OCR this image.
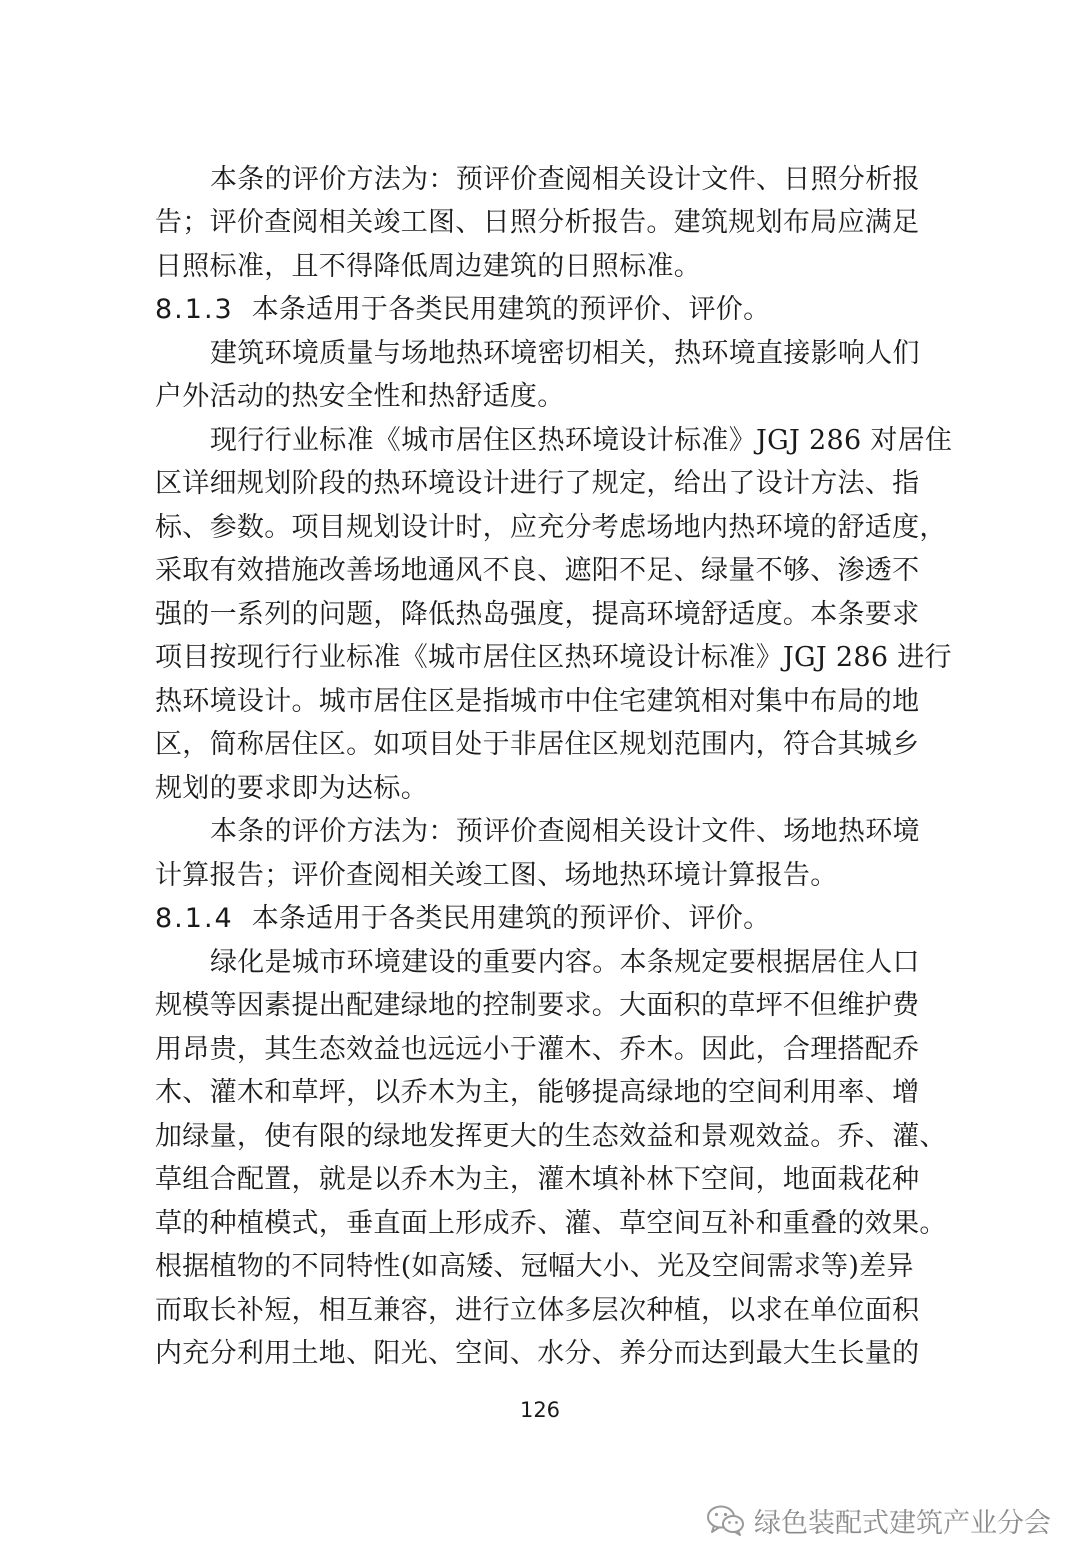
本条的评价方法为：预评价查阅相关设计文件、日照分析报
告；评价查阅相关竣工图、日照分析报告。建筑规划布局应满足
日照标准，且不得降低周边建筑的日照标准。
8.1.3 本条适用于各类民用建筑的预评价、评价。
建筑环境质量与场地热环境密切相关，热环境直接影响人们
户外活动的热安全性和热舒适度。
现行行业标准《城市居住区热环境设计标准》JGJ 286 对居住
区详细规划阶段的热环境设计进行了规定，给出了设计方法、指
标、参数。项目规划设计时，应充分考虑场地内热环境的舒适度，
采取有效措施改善场地通风不良、遮阳不足、绿量不够、渗透不
强的一系列的问题，降低热岛强度，提高环境舒适度。本条要求
项目按现行行业标准《城市居住区热环境设计标准》JGJ 286 进行
热环境设计。城市居住区是指城市中住宅建筑相对集中布局的地
区，简称居住区。如项目处于非居住区规划范围内，符合其城乡
规划的要求即为达标。
本条的评价方法为：预评价查阅相关设计文件、场地热环境
计算报告；评价查阅相关竣工图、场地热环境计算报告。
8.1.4 本条适用于各类民用建筑的预评价、评价。
绿化是城市环境建设的重要内容。本条规定要根据居住人口
规模等因素提出配建绿地的控制要求。大面积的草坪不但维护费
用昂贵，其生态效益也远远小于灌木、乔木。因此，合理搭配乔
木、灌木和草坪，以乔木为主，能够提高绿地的空间利用率、增
加绿量，使有限的绿地发挥更大的生态效益和景观效益。乔、灌、
草组合配置，就是以乔木为主，灌木填补林下空间，地面栽花种
草的种植模式，垂直面上形成乔、灌、草空间互补和重叠的效果。
根据植物的不同特性(如高矮、冠幅大小、光及空间需求等)差异
而取长补短，相互兼容，进行立体多层次种植，以求在单位面积
内充分利用土地、阳光、空间、水分、养分而达到最大生长量的
126
绿色装配式建筑产业分会
